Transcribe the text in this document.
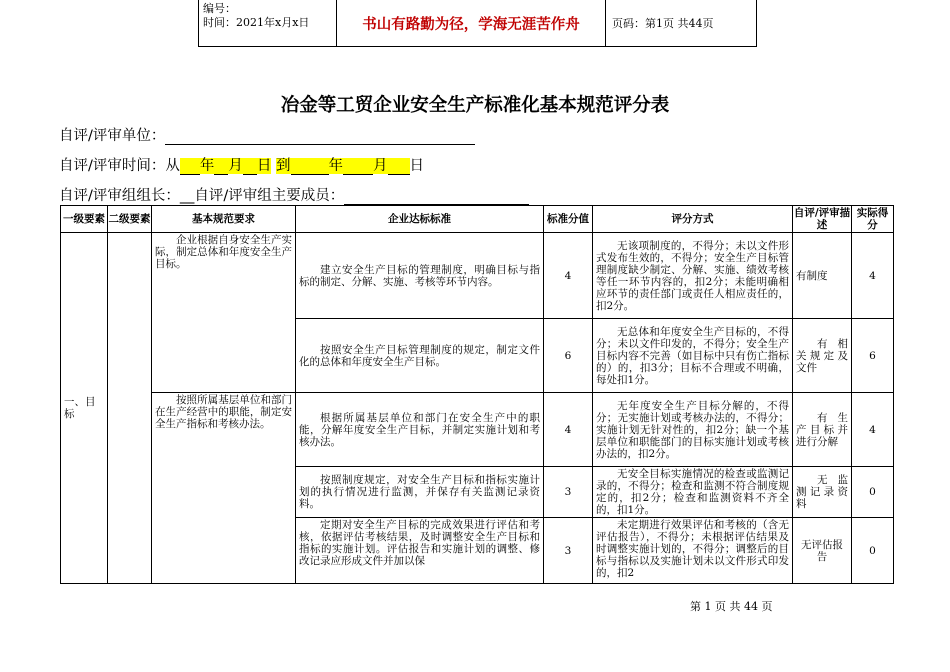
编号：
时间：2021年x月x日	书山有路勤为径，学海无涯苦作舟	页码：第1页 共44页
冶金等工贸企业安全生产标准化基本规范评分表
自评/评审单位：
自评/评审时间：从 年 月 日 到	年 月 日
自评/评审组组长：__自评/评审组主要成员：
一级要素	二级要素	基本规范要求	企业达标标准	标准分值	评分方式	自评/评审描 述	实际得分
一、目标		企业根据自身安全生产实际，制定总体和年度安全生产目标。	建立安全生产目标的管理制度，明确目标与指标的制定、分解、实施、考核等环节内容。	4	无该项制度的，不得分；未以文件形式发布生效的，不得分；安全生产目标管理制度缺少制定、分解、实施、绩效考核等任一环节内容的，扣2分；未能明确相应环节的责任部门或责任人相应责任的，扣2分。	有制度	4
			按照安全生产目标管理制度的规定，制定文件化的总体和年度安全生产目标。	6	无总体和年度安全生产目标的，不得分；未以文件印发的，不得分；安全生产目标内容不完善（如目标中只有伤亡指标的）的，扣3分；目标不合理或不明确，每处扣1分。	有相关规定及文件	6
		按照所属基层单位和部门在生产经营中的职能，制定安全生产指标和考核办法。	根据所属基层单位和部门在安全生产中的职能，分解年度安全生产目标，并制定实施计划和考核办法。	4	无年度安全生产目标分解的，不得分；无实施计划或考核办法的，不得分；实施计划无针对性的，扣2分；缺一个基层单位和职能部门的目标实施计划或考核办法的，扣2分。	有生产目标并进行分解	4
			按照制度规定，对安全生产目标和指标实施计划的执行情况进行监测，并保存有关监测记录资料。	3	无安全目标实施情况的检查或监测记录的，不得分；检查和监测不符合制度规定的，扣2分；检查和监测资料不齐全的，扣1分。	无监测记录资料	0
			定期对安全生产目标的完成效果进行评估和考核，依据评估考核结果，及时调整安全生产目标和指标的实施计划。评估报告和实施计划的调整、修改记录应形成文件并加以保	3	未定期进行效果评估和考核的（含无评估报告），不得分；未根据评估结果及时调整实施计划的，不得分；调整后的目标与指标以及实施计划未以文件形式印发的，扣2	无评估报告	0
第 1 页 共 44 页
